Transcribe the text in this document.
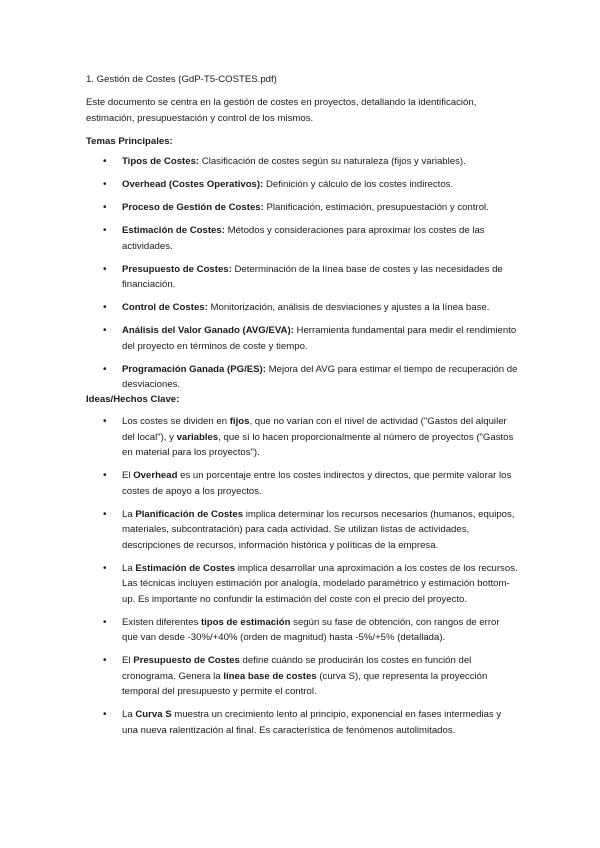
1. Gestión de Costes (GdP-T5-COSTES.pdf)
Este documento se centra en la gestión de costes en proyectos, detallando la identificación, estimación, presupuestación y control de los mismos.
Temas Principales:
• Tipos de Costes: Clasificación de costes según su naturaleza (fijos y variables).
• Overhead (Costes Operativos): Definición y cálculo de los costes indirectos.
• Proceso de Gestión de Costes: Planificación, estimación, presupuestación y control.
• Estimación de Costes: Métodos y consideraciones para aproximar los costes de las actividades.
• Presupuesto de Costes: Determinación de la línea base de costes y las necesidades de financiación.
• Control de Costes: Monitorización, análisis de desviaciones y ajustes a la línea base.
• Análisis del Valor Ganado (AVG/EVA): Herramienta fundamental para medir el rendimiento del proyecto en términos de coste y tiempo.
• Programación Ganada (PG/ES): Mejora del AVG para estimar el tiempo de recuperación de desviaciones.
Ideas/Hechos Clave:
• Los costes se dividen en fijos, que no varían con el nivel de actividad ("Gastos del alquiler del local"), y variables, que sí lo hacen proporcionalmente al número de proyectos ("Gastos en material para los proyectos").
• El Overhead es un porcentaje entre los costes indirectos y directos, que permite valorar los costes de apoyo a los proyectos.
• La Planificación de Costes implica determinar los recursos necesarios (humanos, equipos, materiales, subcontratación) para cada actividad. Se utilizan listas de actividades, descripciones de recursos, información histórica y políticas de la empresa.
• La Estimación de Costes implica desarrollar una aproximación a los costes de los recursos. Las técnicas incluyen estimación por analogía, modelado paramétrico y estimación bottom-up. Es importante no confundir la estimación del coste con el precio del proyecto.
• Existen diferentes tipos de estimación según su fase de obtención, con rangos de error que van desde -30%/+40% (orden de magnitud) hasta -5%/+5% (detallada).
• El Presupuesto de Costes define cuándo se producirán los costes en función del cronograma. Genera la línea base de costes (curva S), que representa la proyección temporal del presupuesto y permite el control.
• La Curva S muestra un crecimiento lento al principio, exponencial en fases intermedias y una nueva ralentización al final. Es característica de fenómenos autolimitados.
